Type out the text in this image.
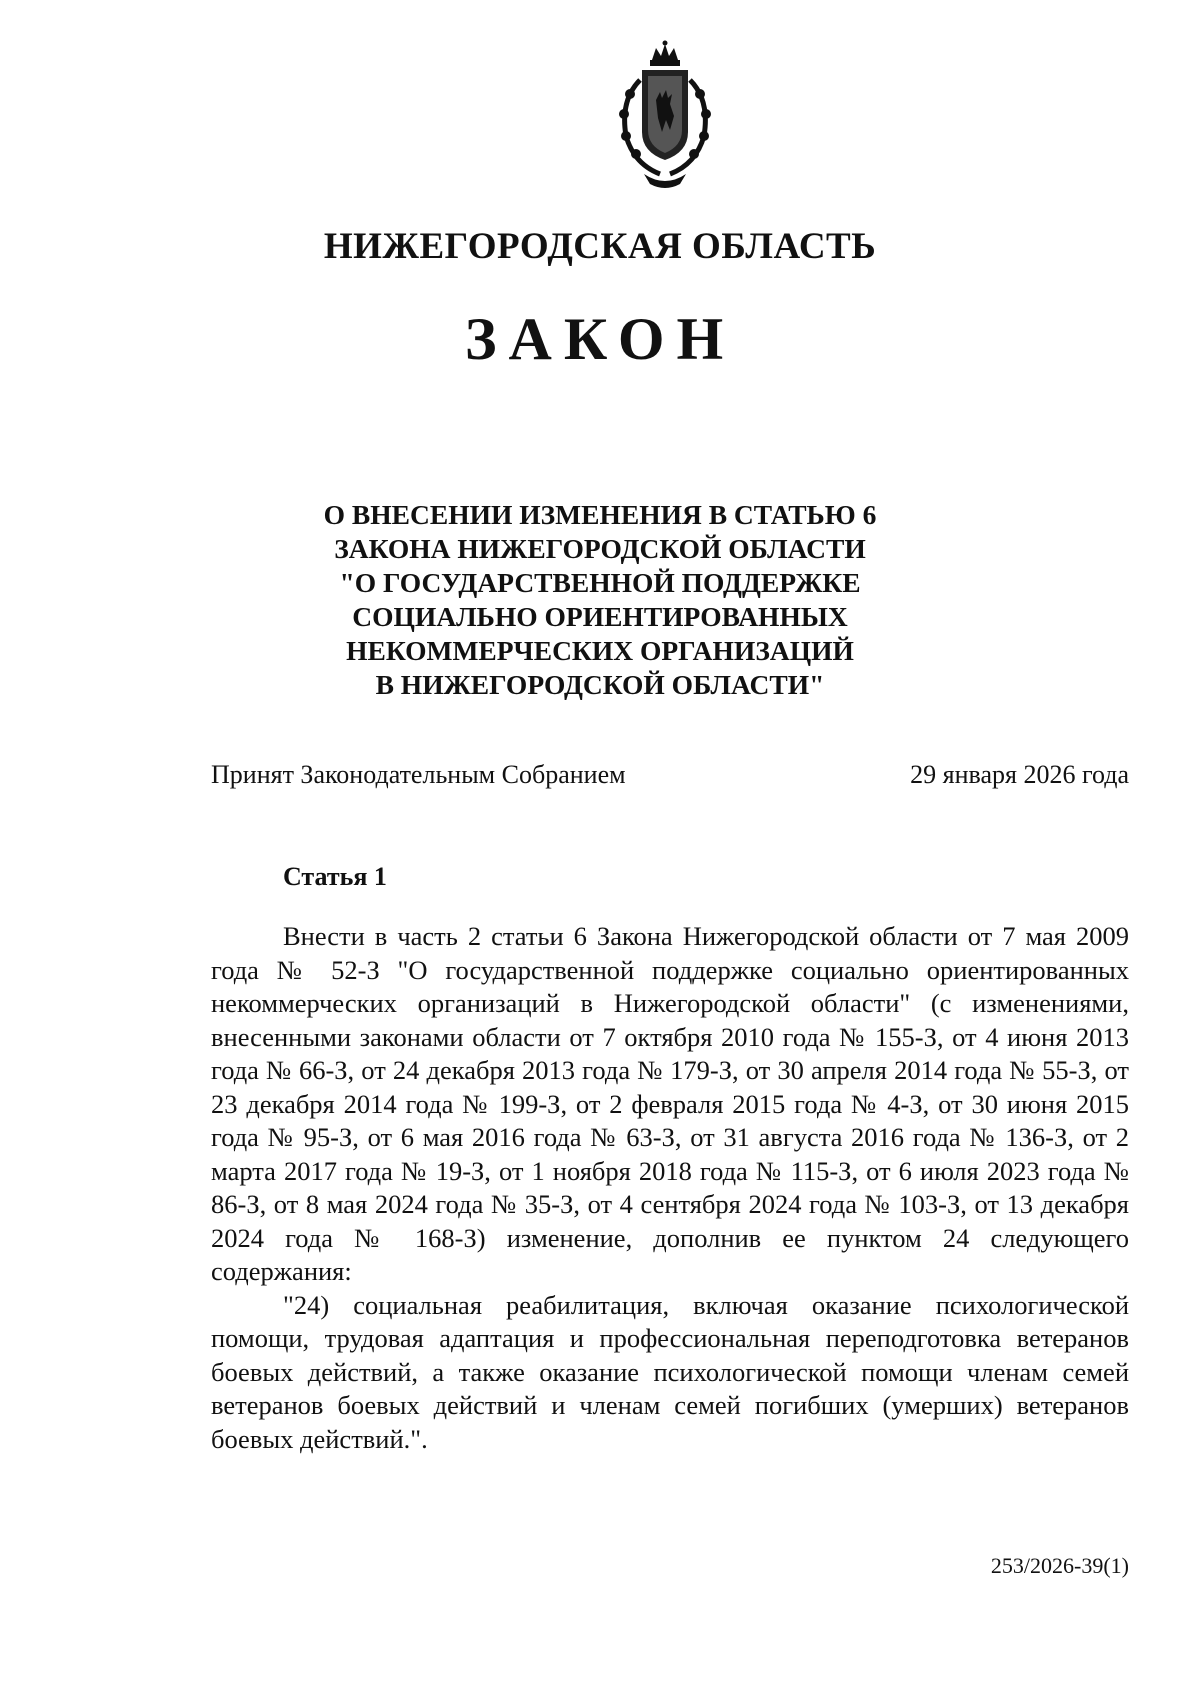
НИЖЕГОРОДСКАЯ ОБЛАСТЬ
ЗАКОН
О ВНЕСЕНИИ ИЗМЕНЕНИЯ В СТАТЬЮ 6
ЗАКОНА НИЖЕГОРОДСКОЙ ОБЛАСТИ
"О ГОСУДАРСТВЕННОЙ ПОДДЕРЖКЕ
СОЦИАЛЬНО ОРИЕНТИРОВАННЫХ
НЕКОММЕРЧЕСКИХ ОРГАНИЗАЦИЙ
В НИЖЕГОРОДСКОЙ ОБЛАСТИ"
Принят Законодательным Собранием	29 января 2026 года
Статья 1

Внести в часть 2 статьи 6 Закона Нижегородской области от 7 мая 2009 года № 52-З "О государственной поддержке социально ориентированных некоммерческих организаций в Нижегородской области" (с изменениями, внесенными законами области от 7 октября 2010 года № 155-З, от 4 июня 2013 года № 66-З, от 24 декабря 2013 года № 179-З, от 30 апреля 2014 года № 55-З, от 23 декабря 2014 года № 199-З, от 2 февраля 2015 года № 4-З, от 30 июня 2015 года № 95-З, от 6 мая 2016 года № 63-З, от 31 августа 2016 года № 136-З, от 2 марта 2017 года № 19-З, от 1 ноября 2018 года № 115-З, от 6 июля 2023 года № 86-З, от 8 мая 2024 года № 35-З, от 4 сентября 2024 года № 103-З, от 13 декабря 2024 года № 168-З) изменение, дополнив ее пунктом 24 следующего содержания:

"24) социальная реабилитация, включая оказание психологической помощи, трудовая адаптация и профессиональная переподготовка ветеранов боевых действий, а также оказание психологической помощи членам семей ветеранов боевых действий и членам семей погибших (умерших) ветеранов боевых действий.".

253/2026-39(1)
